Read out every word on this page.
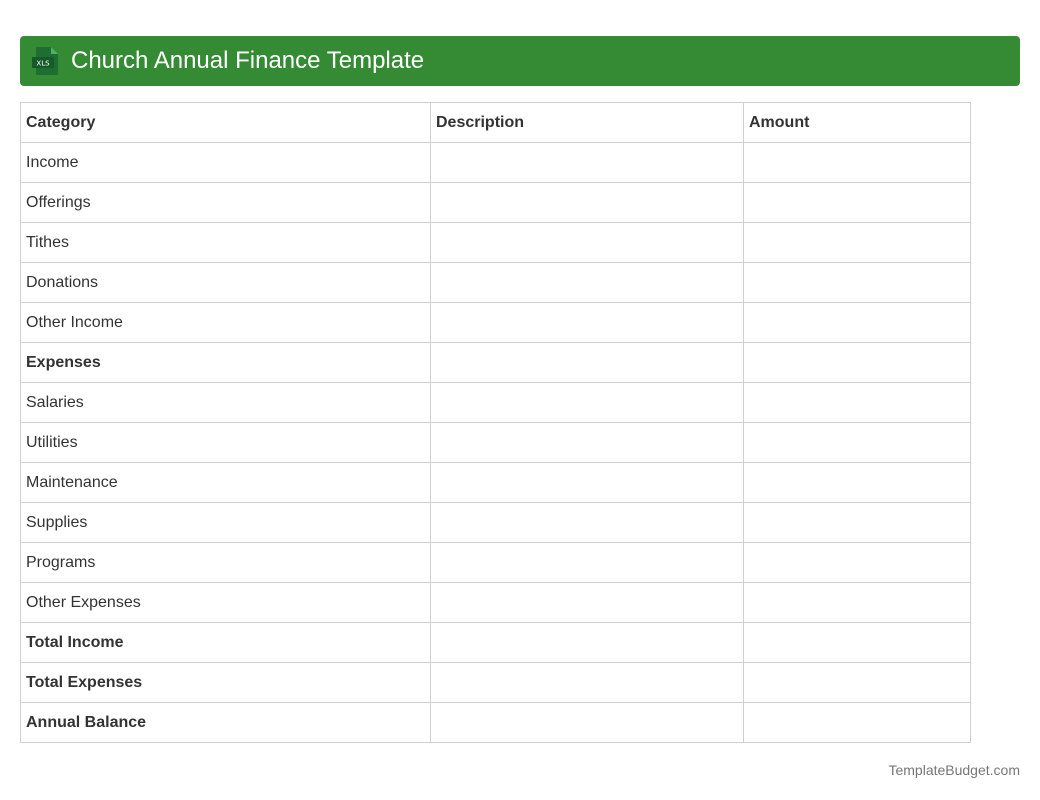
XLS Church Annual Finance Template
Category	Description	Amount
Income		
Offerings		
Tithes		
Donations		
Other Income		
Expenses		
Salaries		
Utilities		
Maintenance		
Supplies		
Programs		
Other Expenses		
Total Income		
Total Expenses		
Annual Balance		
TemplateBudget.com
